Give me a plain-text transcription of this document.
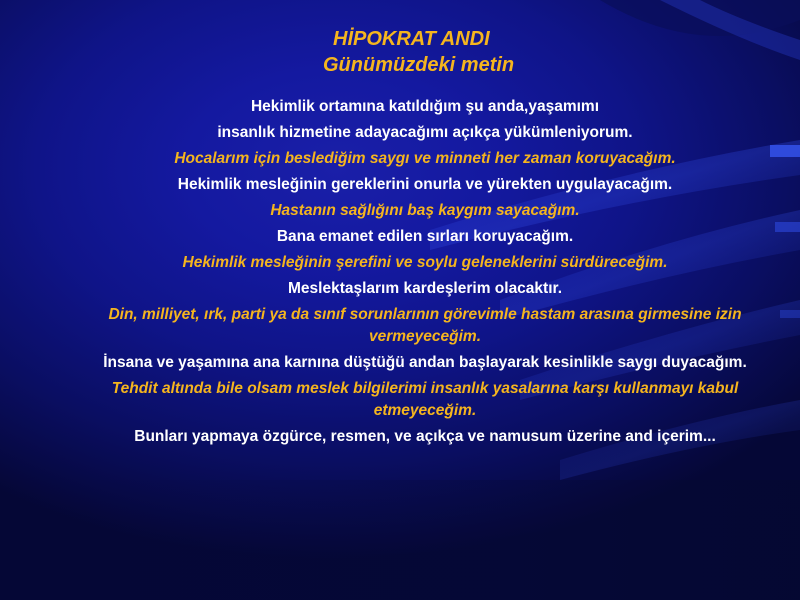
HİPOKRAT ANDI
Günümüzdeki metin

Hekimlik ortamına katıldığım şu anda,yaşamımı

insanlık hizmetine adayacağımı açıkça yükümleniyorum.

Hocalarım için beslediğim saygı ve minneti her zaman koruyacağım.

Hekimlik mesleğinin gereklerini onurla ve yürekten uygulayacağım.

Hastanın sağlığını baş kaygım sayacağım.

Bana emanet edilen sırları koruyacağım.

Hekimlik mesleğinin şerefini ve soylu geleneklerini sürdüreceğim.

Meslektaşlarım kardeşlerim olacaktır.

Din, milliyet, ırk, parti ya da sınıf sorunlarının görevimle hastam arasına girmesine izin vermeyeceğim.

İnsana ve yaşamına ana karnına düştüğü andan başlayarak kesinlikle saygı duyacağım.

Tehdit altında bile olsam meslek bilgilerimi insanlık yasalarına karşı kullanmayı kabul etmeyeceğim.

Bunları yapmaya özgürce, resmen, ve açıkça ve namusum üzerine and içerim...
